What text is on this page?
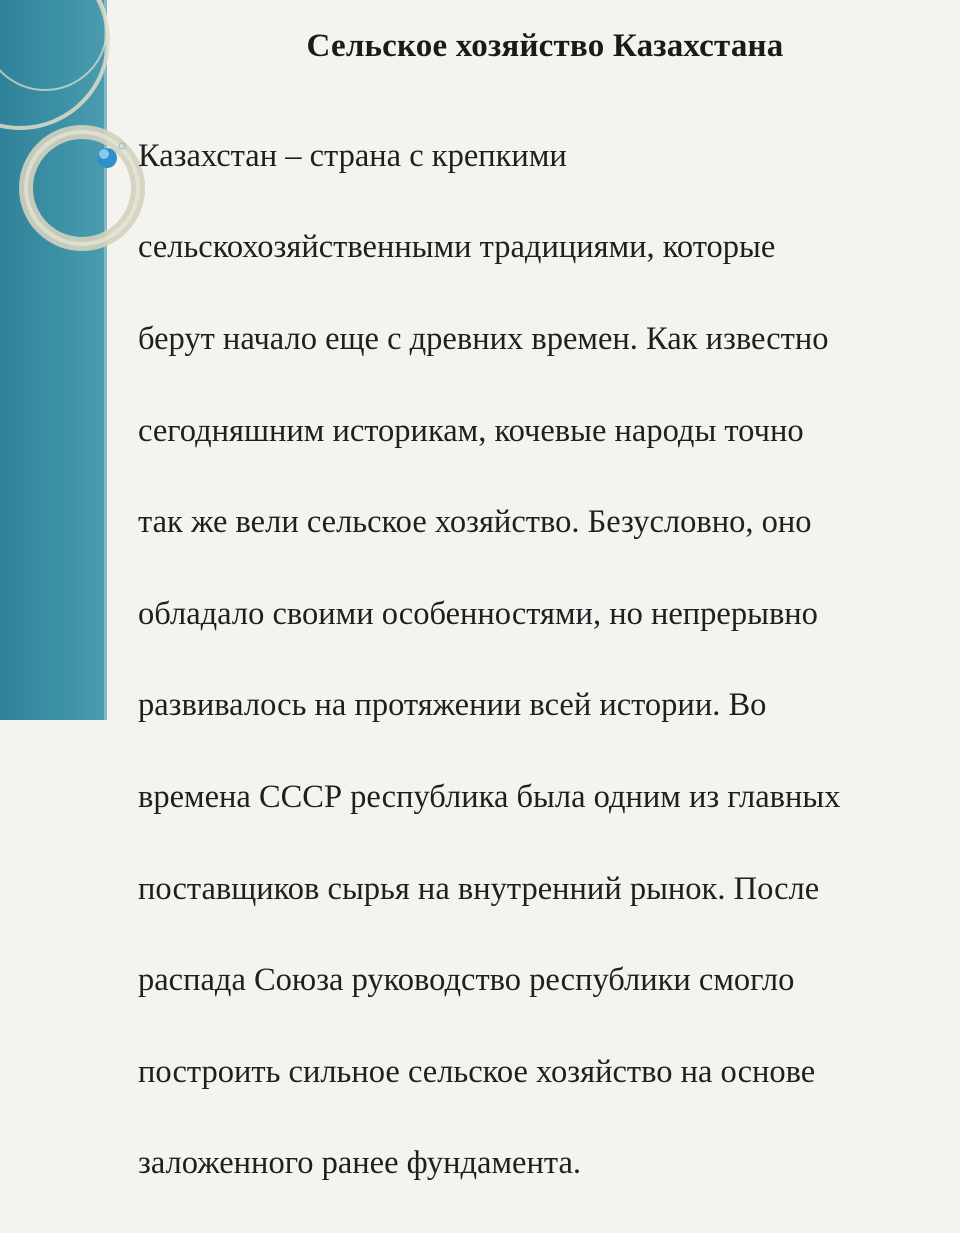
Сельское хозяйство Казахстана

Казахстан – страна с крепкими

сельскохозяйственными традициями, которые

берут начало еще с древних времен. Как известно

сегодняшним историкам, кочевые народы точно

так же вели сельское хозяйство. Безусловно, оно

обладало своими особенностями, но непрерывно

развивалось на протяжении всей истории. Во

времена СССР республика была одним из главных

поставщиков сырья на внутренний рынок. После

распада Союза руководство республики смогло

построить сильное сельское хозяйство на основе

заложенного ранее фундамента.
